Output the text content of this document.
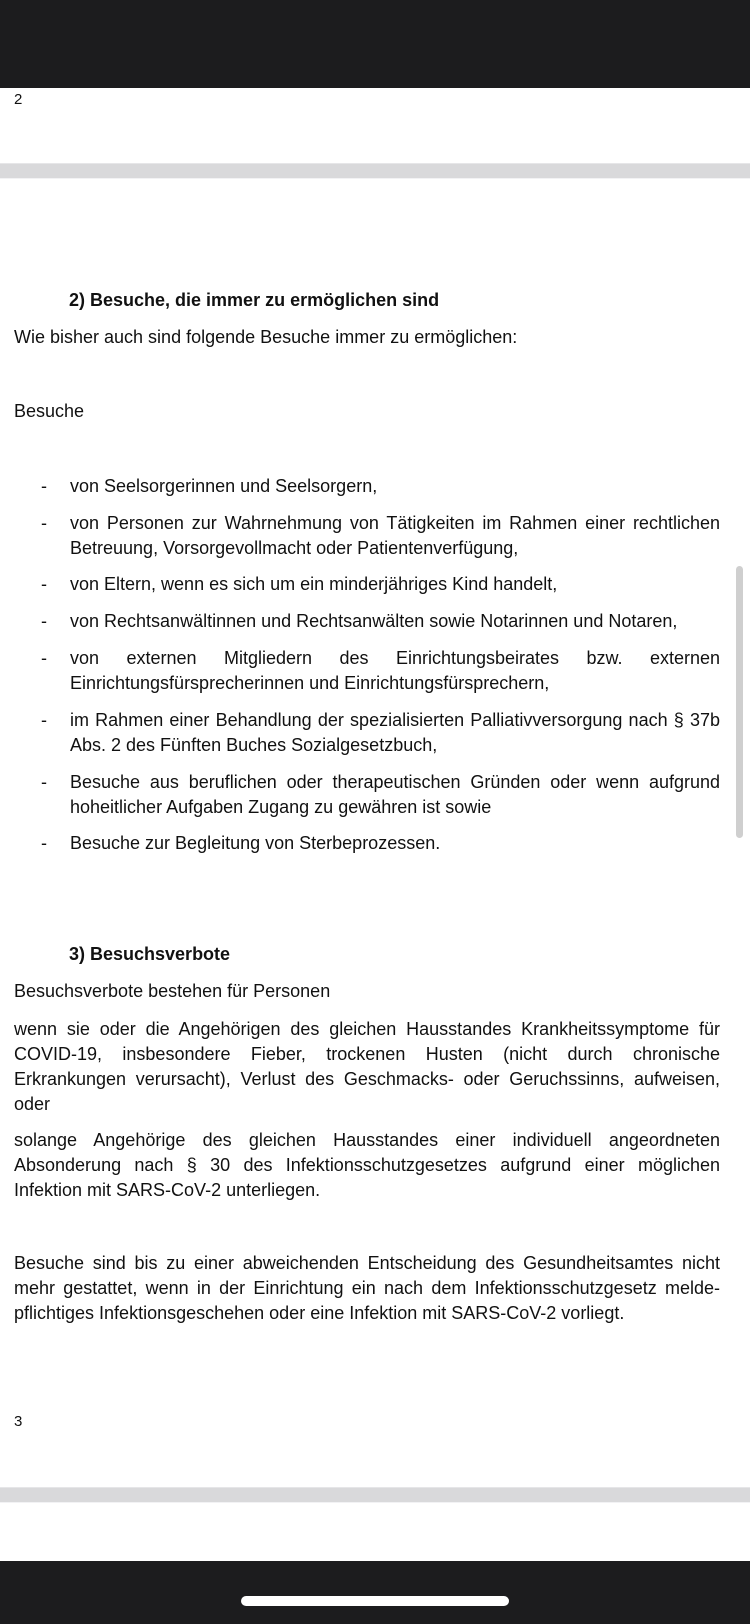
2
2) Besuche, die immer zu ermöglichen sind
Wie bisher auch sind folgende Besuche immer zu ermöglichen:
Besuche
- von Seelsorgerinnen und Seelsorgern,
- von Personen zur Wahrnehmung von Tätigkeiten im Rahmen einer rechtlichen Betreuung, Vorsorgevollmacht oder Patientenverfügung,
- von Eltern, wenn es sich um ein minderjähriges Kind handelt,
- von Rechtsanwältinnen und Rechtsanwälten sowie Notarinnen und Notaren,
- von externen Mitgliedern des Einrichtungsbeirates bzw. externen Einrichtungsfürsprecherinnen und Einrichtungsfürsprechern,
- im Rahmen einer Behandlung der spezialisierten Palliativversorgung nach § 37b Abs. 2 des Fünften Buches Sozialgesetzbuch,
- Besuche aus beruflichen oder therapeutischen Gründen oder wenn aufgrund hoheitlicher Aufgaben Zugang zu gewähren ist sowie
- Besuche zur Begleitung von Sterbeprozessen.
3) Besuchsverbote
Besuchsverbote bestehen für Personen
wenn sie oder die Angehörigen des gleichen Hausstandes Krankheitssymptome für COVID-19, insbesondere Fieber, trockenen Husten (nicht durch chronische Erkrankungen verursacht), Verlust des Geschmacks- oder Geruchssinns, aufweisen, oder
solange Angehörige des gleichen Hausstandes einer individuell angeordneten Absonderung nach § 30 des Infektionsschutzgesetzes aufgrund einer möglichen Infektion mit SARS-CoV-2 unterliegen.
Besuche sind bis zu einer abweichenden Entscheidung des Gesundheitsamtes nicht mehr gestattet, wenn in der Einrichtung ein nach dem Infektionsschutzgesetz melde-pflichtiges Infektionsgeschehen oder eine Infektion mit SARS-CoV-2 vorliegt.
3
